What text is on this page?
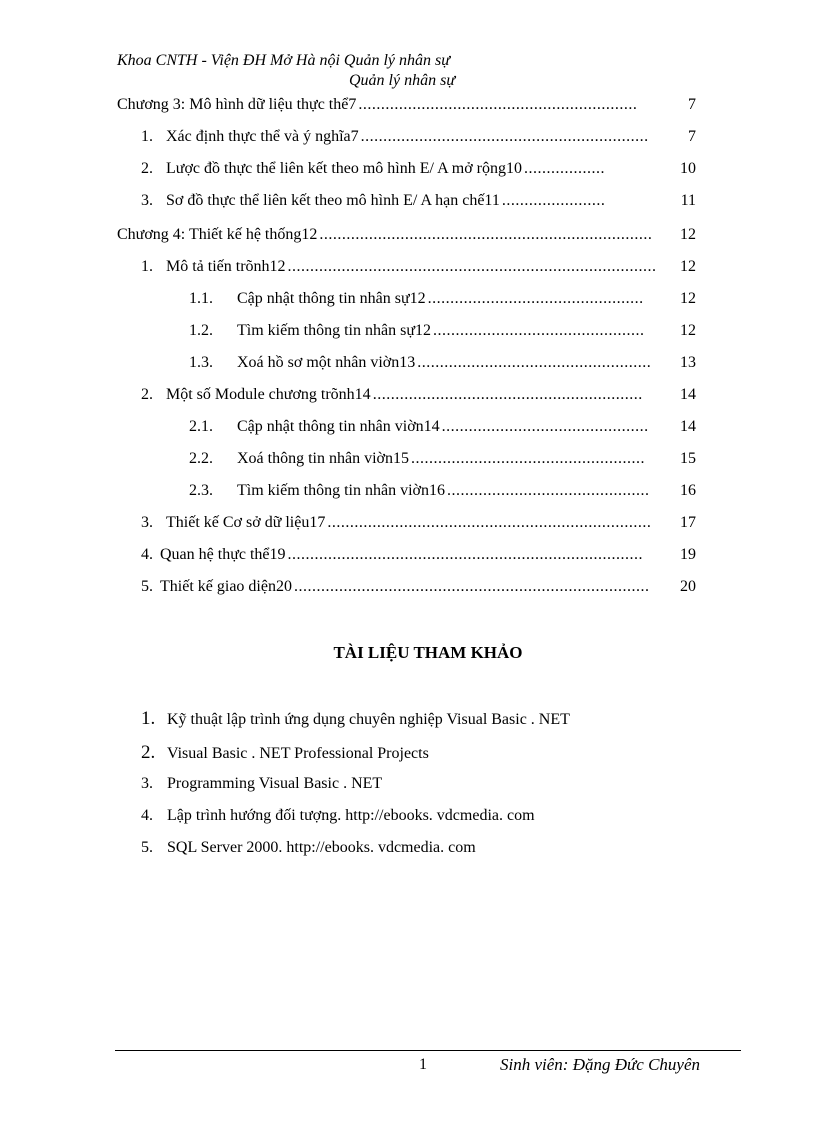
Khoa CNTH - Viện ĐH Mở Hà nội Quản lý nhân sự
Quản lý nhân sự
Chương 3: Mô hình dữ liệu thực thể7 ..............................................................	7
1. Xác định thực thể và ý nghĩa7 ................................................................	7
2. Lược đồ thực thể liên kết theo mô hình E/ A mở rộng10 ..................	10
3. Sơ đồ thực thể liên kết theo mô hình E/ A hạn chế11 .......................	11
Chương 4: Thiết kế hệ thống12 ..........................................................................	12
1. Mô tả tiến trõnh12 ..................................................................................	12
1.1.	Cập nhật thông tin nhân sự12 ................................................	12
1.2.	Tìm kiếm thông tin nhân sự12 ...............................................	12
1.3.	Xoá hồ sơ một nhân viờn13 ....................................................	13
2. Một số Module chương trõnh14 ............................................................	14
2.1.	Cập nhật thông tin nhân viờn14 ..............................................	14
2.2.	Xoá thông tin nhân viờn15 ....................................................	15
2.3.	Tìm kiếm thông tin nhân viờn16 .............................................	16
3. Thiết kế Cơ sở dữ liệu17 ........................................................................	17
4. Quan hệ thực thể19 ...............................................................................	19
5. Thiết kế giao diện20 ...............................................................................	20
TÀI LIỆU THAM KHẢO
1. Kỹ thuật lập trình ứng dụng chuyên nghiệp Visual Basic . NET
2. Visual Basic . NET Professional Projects
3. Programming Visual Basic . NET
4. Lập trình hướng đối tượng. http://ebooks. vdcmedia. com
5. SQL Server 2000. http://ebooks. vdcmedia. com
1	Sinh viên: Đặng Đức Chuyên
